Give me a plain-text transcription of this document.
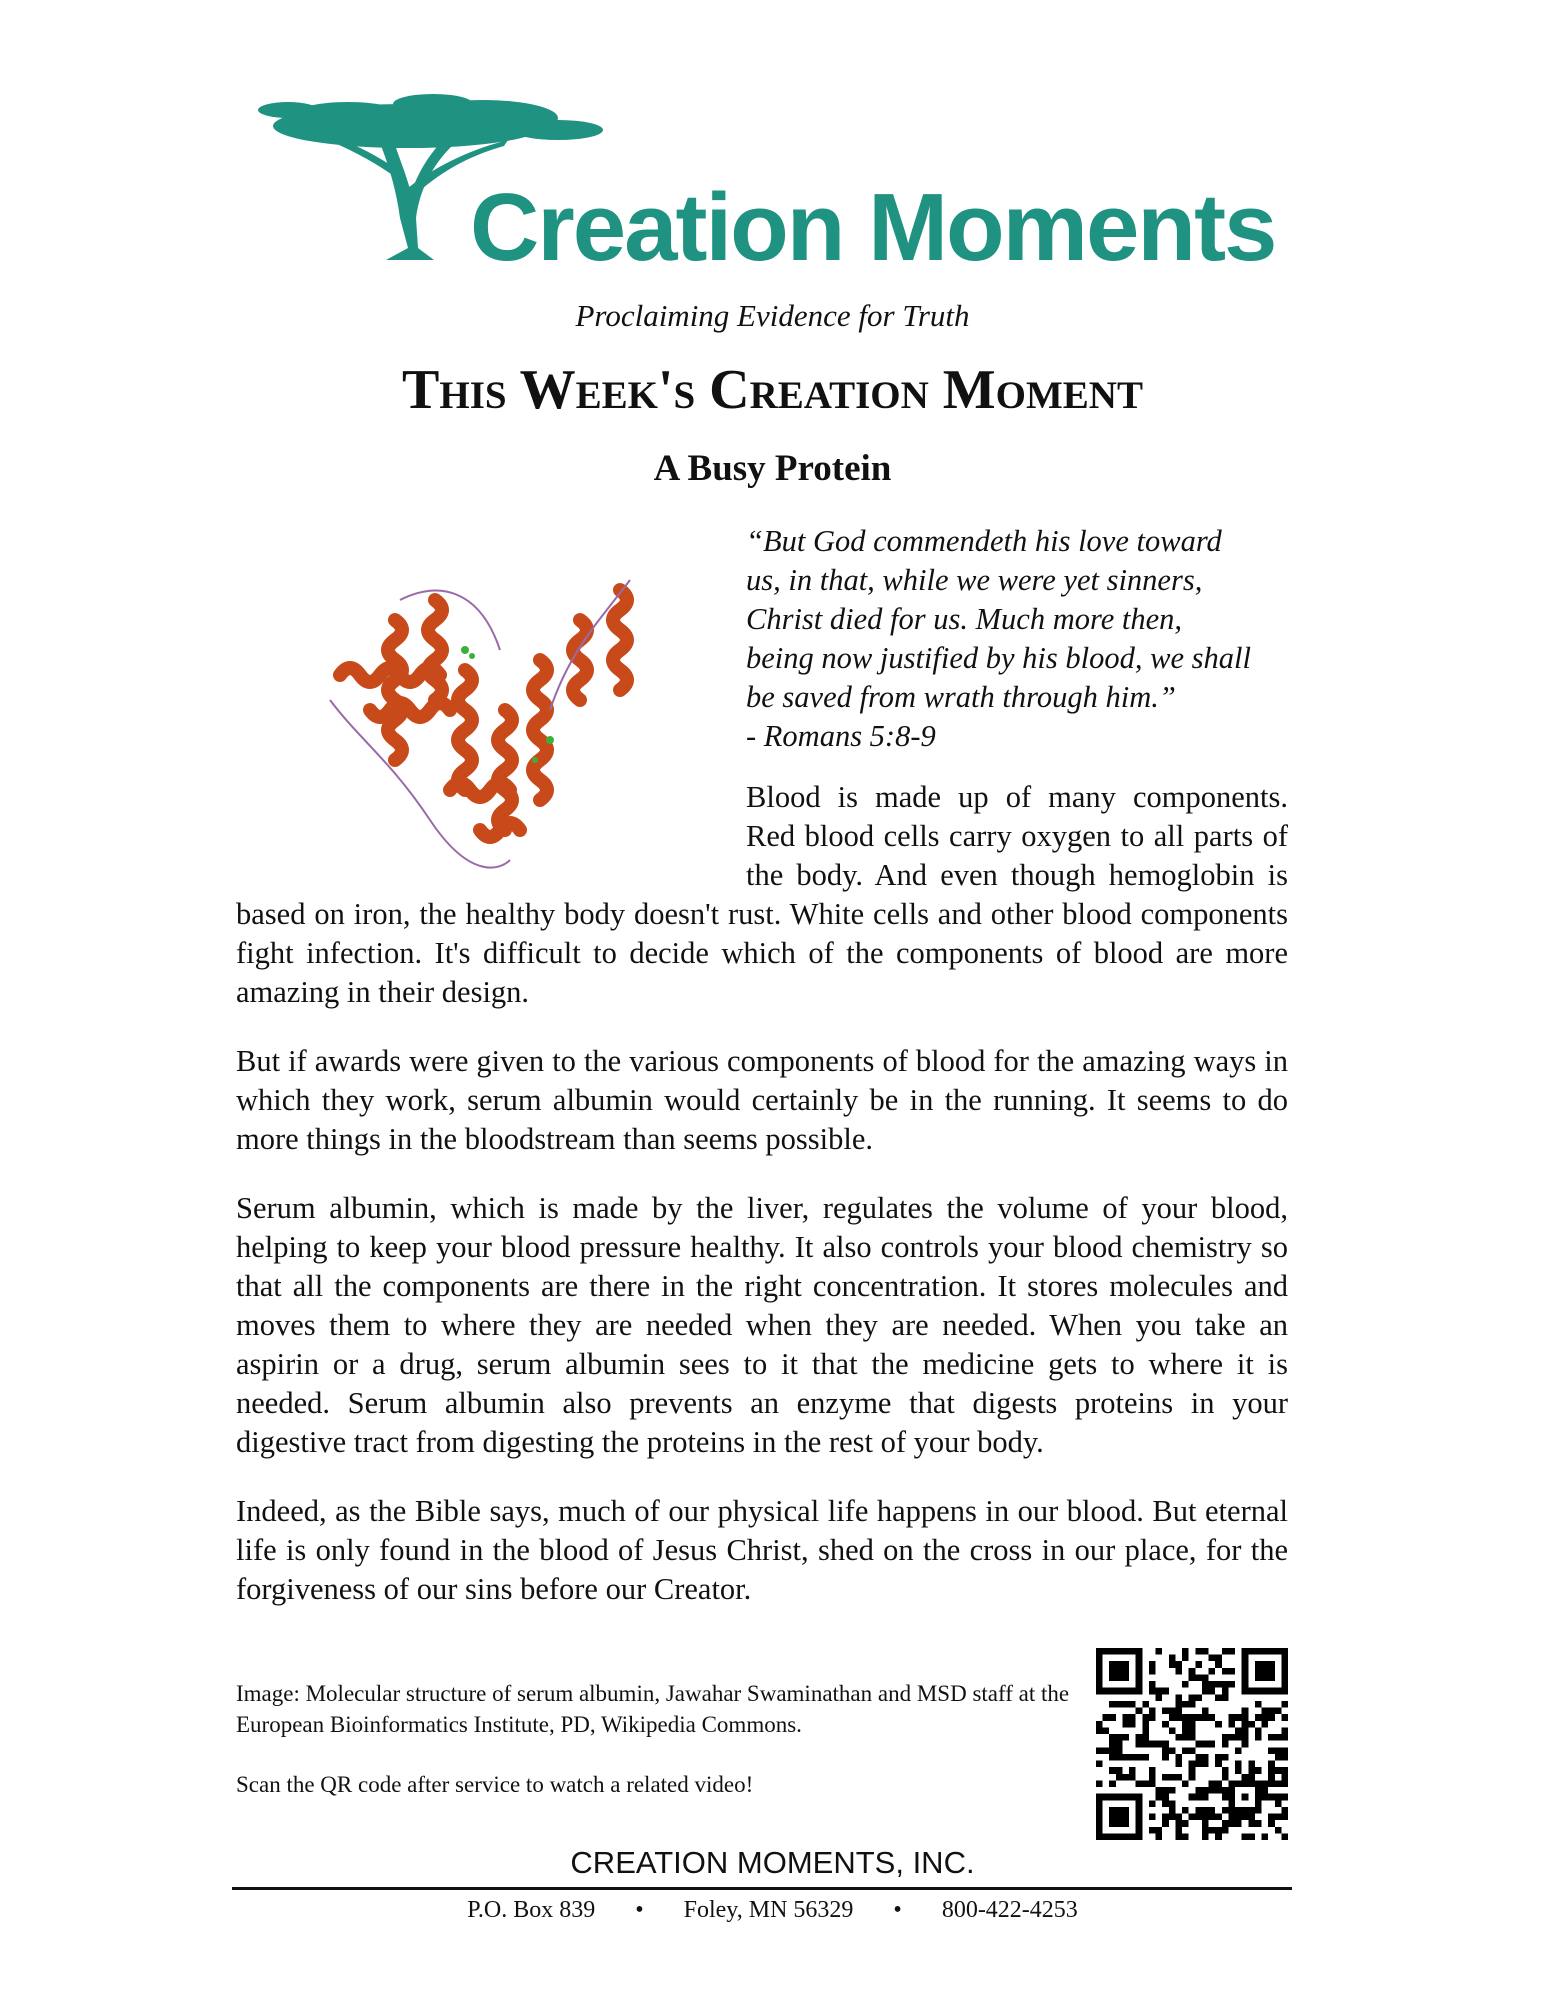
Creation Moments
Proclaiming Evidence for Truth
This Week's Creation Moment
A Busy Protein
“But God commendeth his love toward
us, in that, while we were yet sinners,
Christ died for us. Much more then,
being now justified by his blood, we shall
be saved from wrath through him.”
- Romans 5:8-9

Blood is made up of many components. Red blood cells carry oxygen to all parts of the body. And even though hemoglobin is based on iron, the healthy body doesn't rust. White cells and other blood components fight infection. It's difficult to decide which of the components of blood are more amazing in their design.

But if awards were given to the various components of blood for the amazing ways in which they work, serum albumin would certainly be in the running. It seems to do more things in the bloodstream than seems possible.

Serum albumin, which is made by the liver, regulates the volume of your blood, helping to keep your blood pressure healthy. It also controls your blood chemistry so that all the components are there in the right concentration. It stores molecules and moves them to where they are needed when they are needed. When you take an aspirin or a drug, serum albumin sees to it that the medicine gets to where it is needed. Serum albumin also prevents an enzyme that digests proteins in your digestive tract from digesting the proteins in the rest of your body.

Indeed, as the Bible says, much of our physical life happens in our blood. But eternal life is only found in the blood of Jesus Christ, shed on the cross in our place, for the forgiveness of our sins before our Creator.

Image: Molecular structure of serum albumin, Jawahar Swaminathan and MSD staff at the European Bioinformatics Institute, PD, Wikipedia Commons.
Scan the QR code after service to watch a related video!
CREATION MOMENTS, INC.
P.O. Box 839 • Foley, MN 56329 • 800-422-4253
